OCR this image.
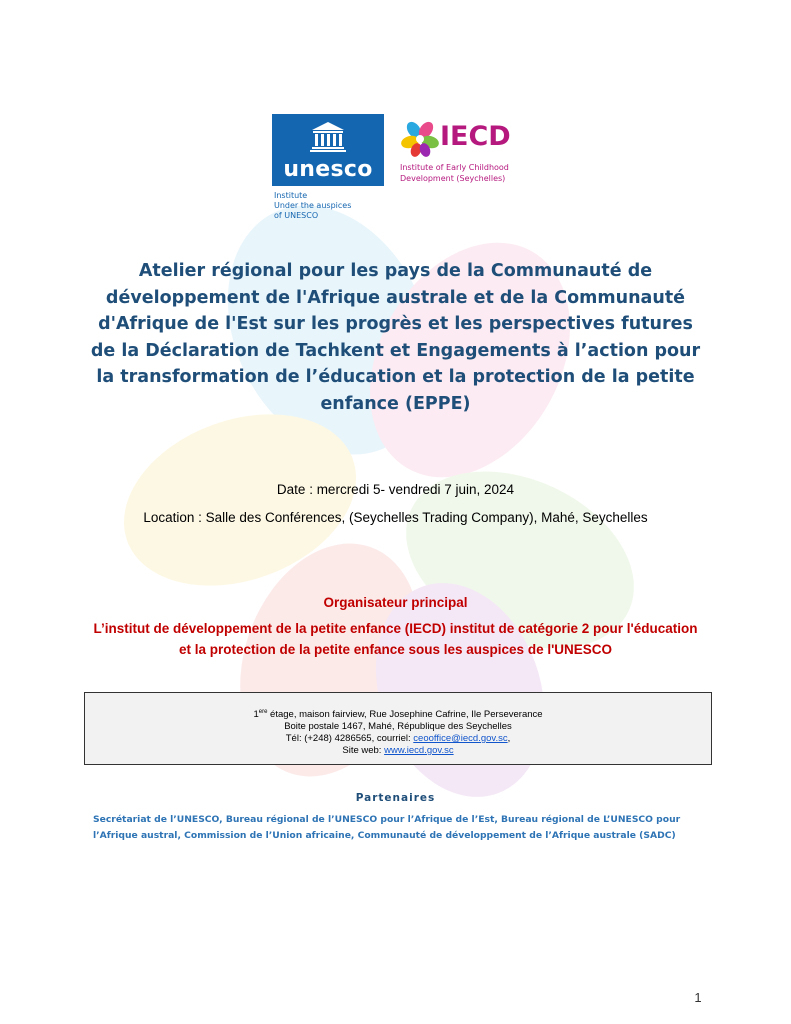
unesco
Institute
Under the auspices
of UNESCO
IECD
Institute of Early Childhood
Development (Seychelles)
Atelier régional pour les pays de la Communauté de développement de l'Afrique australe et de la Communauté d'Afrique de l'Est sur les progrès et les perspectives futures de la Déclaration de Tachkent et Engagements à l’action pour la transformation de l’éducation et la protection de la petite enfance (EPPE)
Date : mercredi 5- vendredi 7 juin, 2024
Location : Salle des Conférences, (Seychelles Trading Company), Mahé, Seychelles
Organisateur principal
L’institut de développement de la petite enfance (IECD) institut de catégorie 2 pour l'éducation et la protection de la petite enfance sous les auspices de l'UNESCO
1ere étage, maison fairview, Rue Josephine Cafrine, Ile Perseverance
Boite postale 1467, Mahé, République des Seychelles
Tél: (+248) 4286565, courriel: ceooffice@iecd.gov.sc,
Site web: www.iecd.gov.sc
Partenaires
Secrétariat de l’UNESCO, Bureau régional de l’UNESCO pour l’Afrique de l’Est, Bureau régional de L’UNESCO pour l’Afrique austral, Commission de l’Union africaine, Communauté de développement de l’Afrique australe (SADC)
1
